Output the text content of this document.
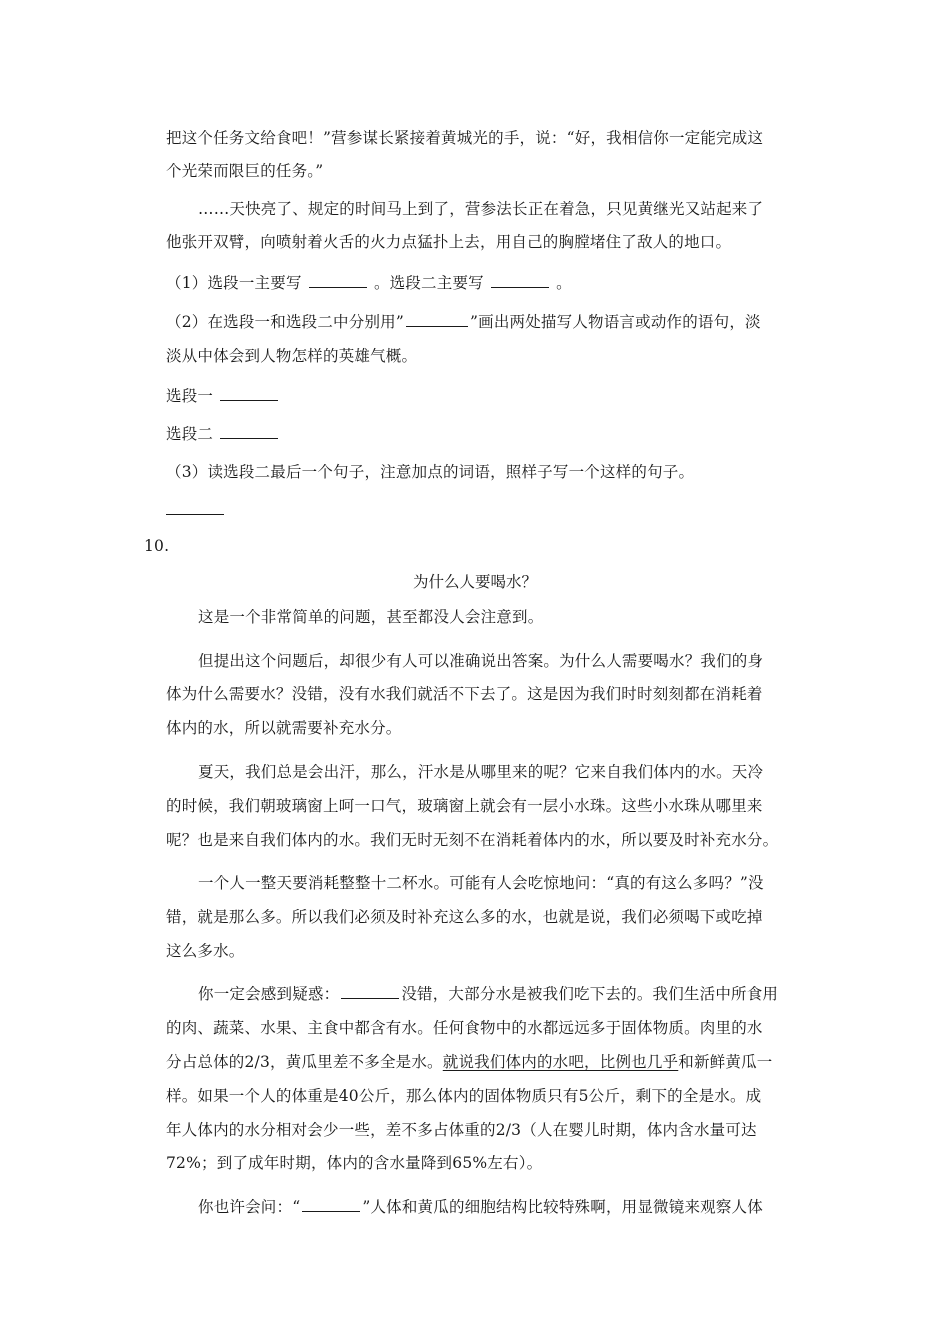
把这个任务文给食吧！”营参谋长紧接着黄城光的手，说：“好，我相信你一定能完成这
个光荣而限巨的任务。”
……天快亮了、规定的时间马上到了，营参法长正在着急，只见黄继光又站起来了
他张开双臂，向喷射着火舌的火力点猛扑上去，用自己的胸膛堵住了敌人的地口。
（1）选段一主要写	。选段二主要写	。
（2）在选段一和选段二中分别用”	”画出两处描写人物语言或动作的语句，淡
淡从中体会到人物怎样的英雄气概。
选段一
选段二
（3）读选段二最后一个句子，注意加点的词语，照样子写一个这样的句子。
10.
为什么人要喝水？
这是一个非常简单的问题，甚至都没人会注意到。
但提出这个问题后，却很少有人可以准确说出答案。为什么人需要喝水？我们的身
体为什么需要水？没错，没有水我们就活不下去了。这是因为我们时时刻刻都在消耗着
体内的水，所以就需要补充水分。
夏天，我们总是会出汗，那么，汗水是从哪里来的呢？它来自我们体内的水。天冷
的时候，我们朝玻璃窗上呵一口气，玻璃窗上就会有一层小水珠。这些小水珠从哪里来
呢？也是来自我们体内的水。我们无时无刻不在消耗着体内的水，所以要及时补充水分。
一个人一整天要消耗整整十二杯水。可能有人会吃惊地问：“真的有这么多吗？”没
错，就是那么多。所以我们必须及时补充这么多的水，也就是说，我们必须喝下或吃掉
这么多水。
你一定会感到疑惑：	没错，大部分水是被我们吃下去的。我们生活中所食用
的肉、蔬菜、水果、主食中都含有水。任何食物中的水都远远多于固体物质。肉里的水
分占总体的2/3，黄瓜里差不多全是水。就说我们体内的水吧，比例也几乎和新鲜黄瓜一
样。如果一个人的体重是40公斤，那么体内的固体物质只有5公斤，剩下的全是水。成
年人体内的水分相对会少一些，差不多占体重的2/3（人在婴儿时期，体内含水量可达
72%；到了成年时期，体内的含水量降到65%左右）。
你也许会问：“	”人体和黄瓜的细胞结构比较特殊啊，用显微镜来观察人体
